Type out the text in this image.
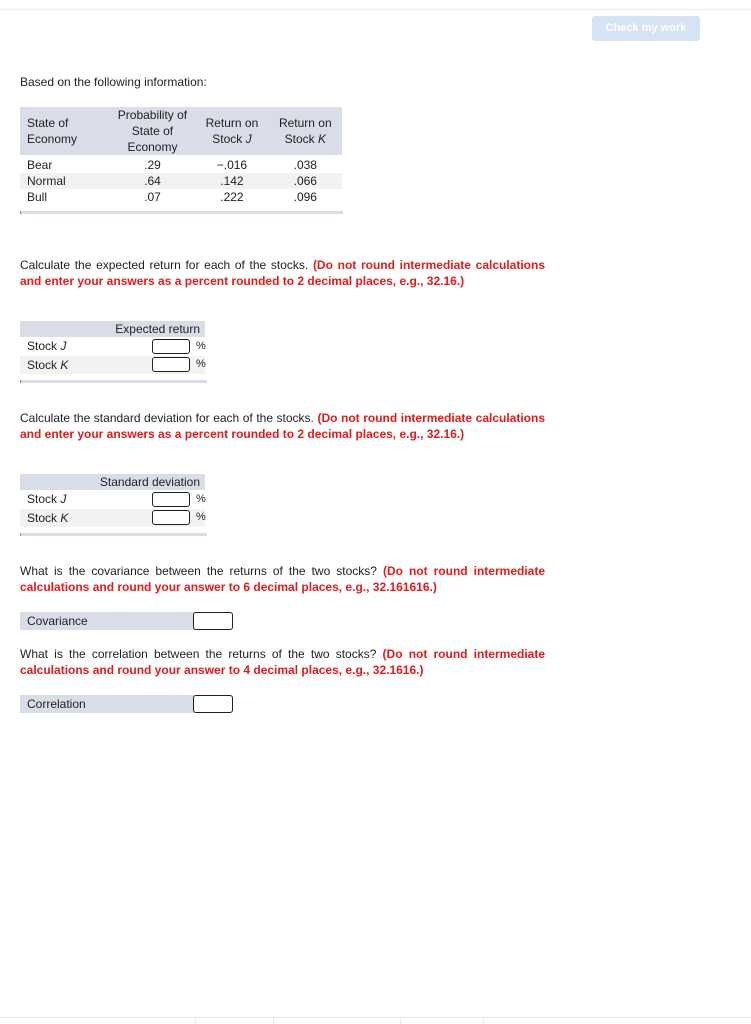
Check my work
Based on the following information:
State of Economy	Probability of State of Economy	Return on Stock J	Return on Stock K
Bear	.29	−.016	.038
Normal	.64	.142	.066
Bull	.07	.222	.096
Calculate the expected return for each of the stocks. (Do not round intermediate calculations and enter your answers as a percent rounded to 2 decimal places, e.g., 32.16.)
Expected return
Stock J	%
Stock K	%
Calculate the standard deviation for each of the stocks. (Do not round intermediate calculations and enter your answers as a percent rounded to 2 decimal places, e.g., 32.16.)
Standard deviation
Stock J	%
Stock K	%
What is the covariance between the returns of the two stocks? (Do not round intermediate calculations and round your answer to 6 decimal places, e.g., 32.161616.)
Covariance
What is the correlation between the returns of the two stocks? (Do not round intermediate calculations and round your answer to 4 decimal places, e.g., 32.1616.)
Correlation
